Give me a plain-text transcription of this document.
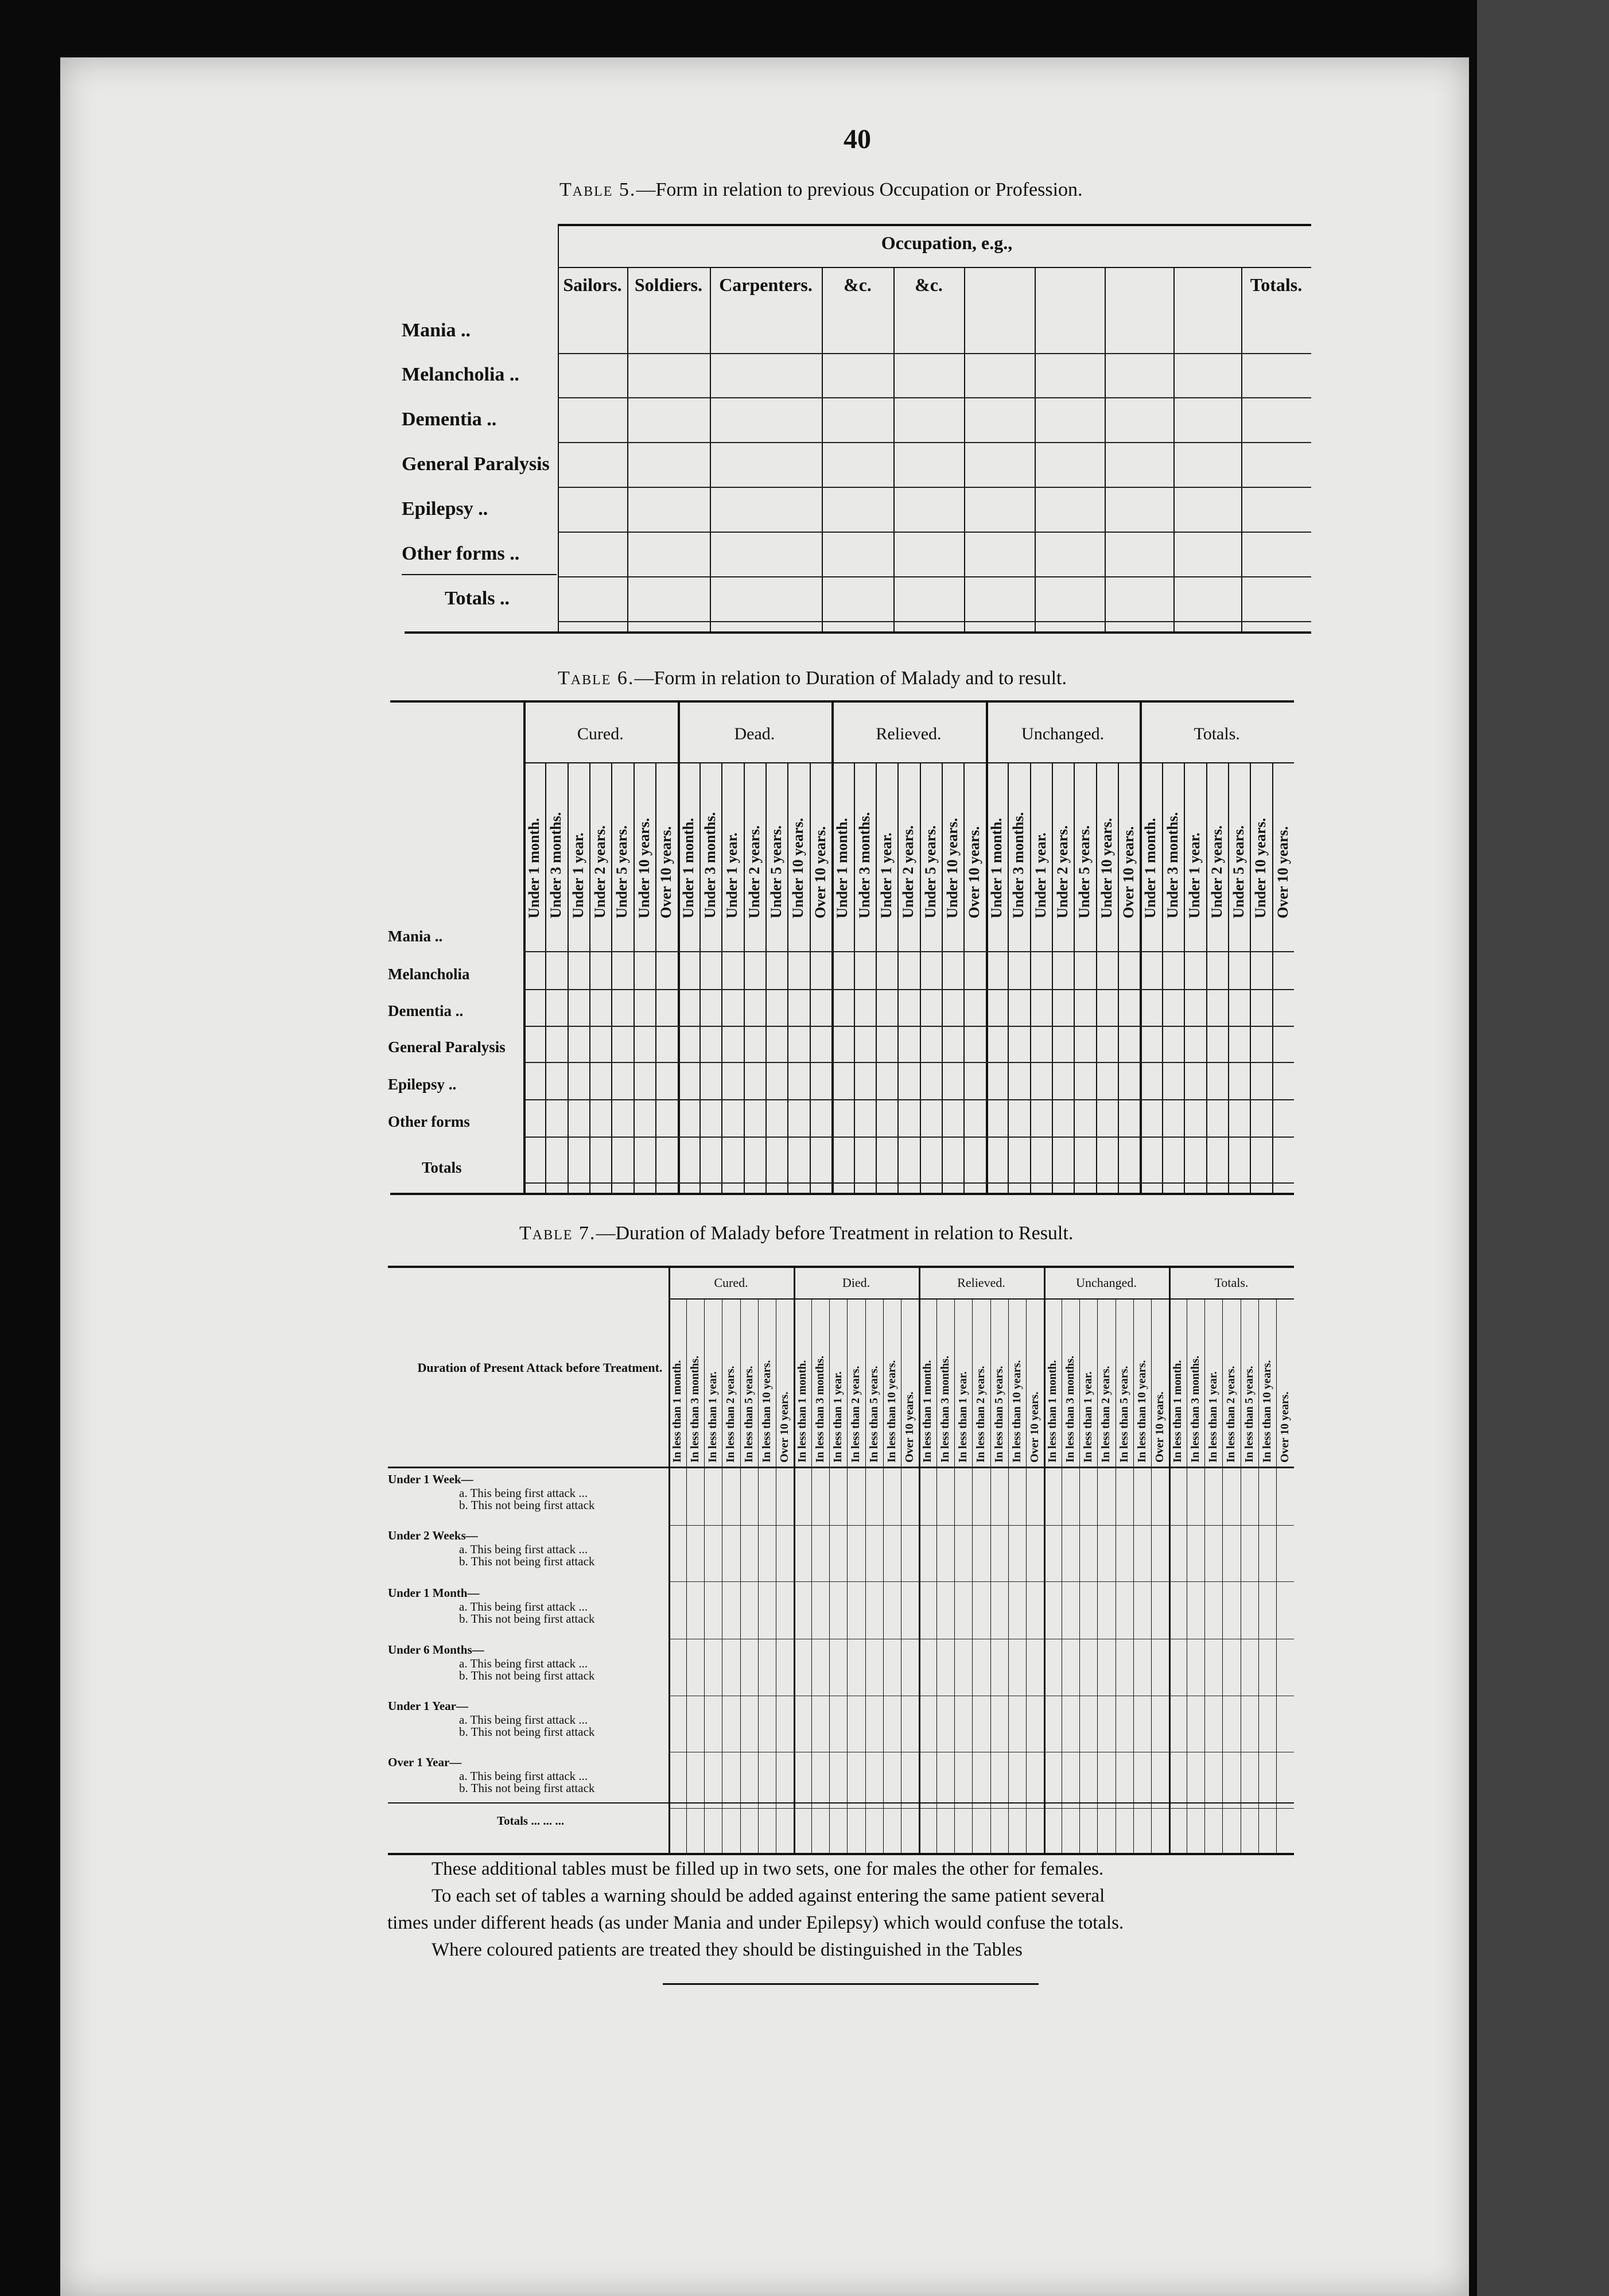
40
Table 5.—Form in relation to previous Occupation or Profession.
Occupation, e.g.,
Sailors. Soldiers. Carpenters.	&c.	&c.	Totals.
Mania ..
Melancholia ..
Dementia ..
General Paralysis
Epilepsy ..
Other forms ..
Totals ..
Table 6.—Form in relation to Duration of Malady and to result.
Cured.
Under 1 month. Under 3 months. Under 1 year. Under 2 years. Under 5 years. Under 10 years. Over 10 years.
Dead.
Under 1 month. Under 3 months. Under 1 year. Under 2 years. Under 5 years. Under 10 years. Over 10 years.
Relieved.
Under 1 month. Under 3 months. Under 1 year. Under 2 years. Under 5 years. Under 10 years. Over 10 years.
Unchanged.
Under 1 month. Under 3 months. Under 1 year. Under 2 years. Under 5 years. Under 10 years. Over 10 years.
Totals.
Under 1 month. Under 3 months. Under 1 year. Under 2 years. Under 5 years. Under 10 years. Over 10 years.
Mania ..
Melancholia
Dementia ..
General Paralysis
Epilepsy ..
Other forms
Totals
Table 7.—Duration of Malady before Treatment in relation to Result.
Duration of Present Attack before Treatment.
Cured.
In less than 1 month. In less than 3 months. In less than 1 year. In less than 2 years. In less than 5 years. In less than 10 years. Over 10 years.
Died.
In less than 1 month. In less than 3 months. In less than 1 year. In less than 2 years. In less than 5 years. In less than 10 years. Over 10 years.
Relieved.
In less than 1 month. In less than 3 months. In less than 1 year. In less than 2 years. In less than 5 years. In less than 10 years. Over 10 years.
Unchanged.
In less than 1 month. In less than 3 months. In less than 1 year. In less than 2 years. In less than 5 years. In less than 10 years. Over 10 years.
Totals.
In less than 1 month. In less than 3 months. In less than 1 year. In less than 2 years. In less than 5 years. In less than 10 years. Over 10 years.
Under 1 Week—
a. This being first attack ...
b. This not being first attack
Under 2 Weeks—
a. This being first attack ...
b. This not being first attack
Under 1 Month—
a. This being first attack ...
b. This not being first attack
Under 6 Months—
a. This being first attack ...
b. This not being first attack
Under 1 Year—
a. This being first attack ...
b. This not being first attack
Over 1 Year—
a. This being first attack ...
b. This not being first attack
Totals ... ... ...
These additional tables must be filled up in two sets, one for males the other for females.
To each set of tables a warning should be added against entering the same patient several
times under different heads (as under Mania and under Epilepsy) which would confuse the totals.
Where coloured patients are treated they should be distinguished in the Tables
